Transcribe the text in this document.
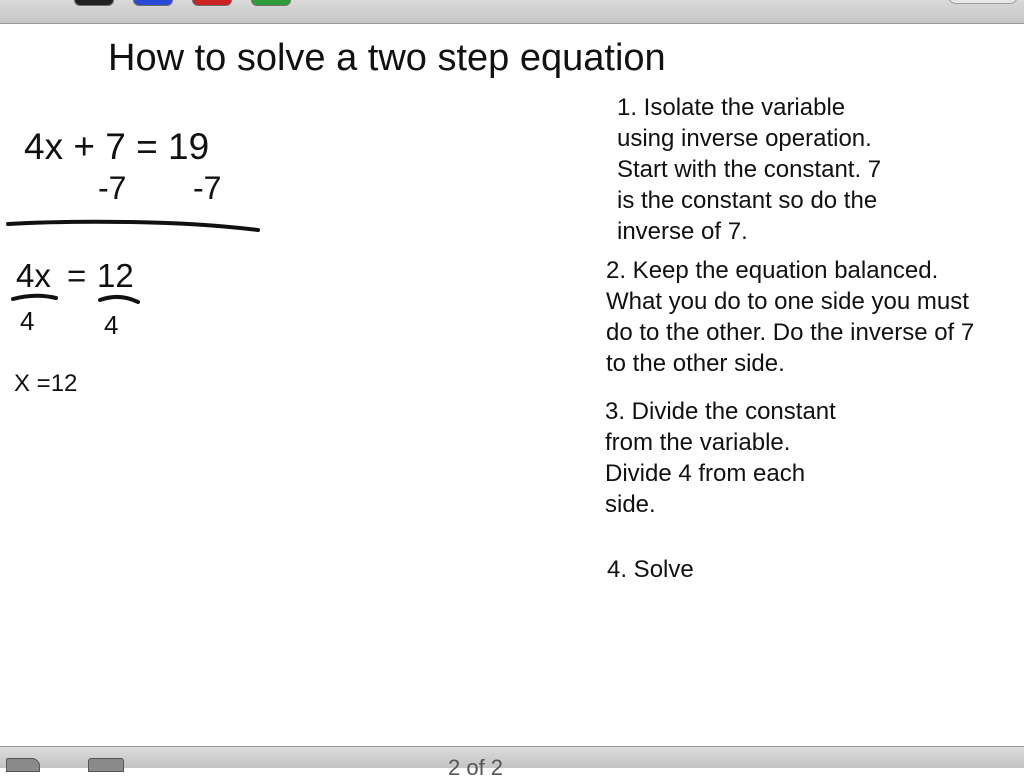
How to solve a two step equation
4x + 7 = 19
-7 -7
4x = 12
4	4
X =12
1. Isolate the variable
using inverse operation.
Start with the constant. 7
is the constant so do the
inverse of 7.
2. Keep the equation balanced.
What you do to one side you must
do to the other. Do the inverse of 7
to the other side.
3. Divide the constant
from the variable.
Divide 4 from each
side.
4. Solve
2 of 2
